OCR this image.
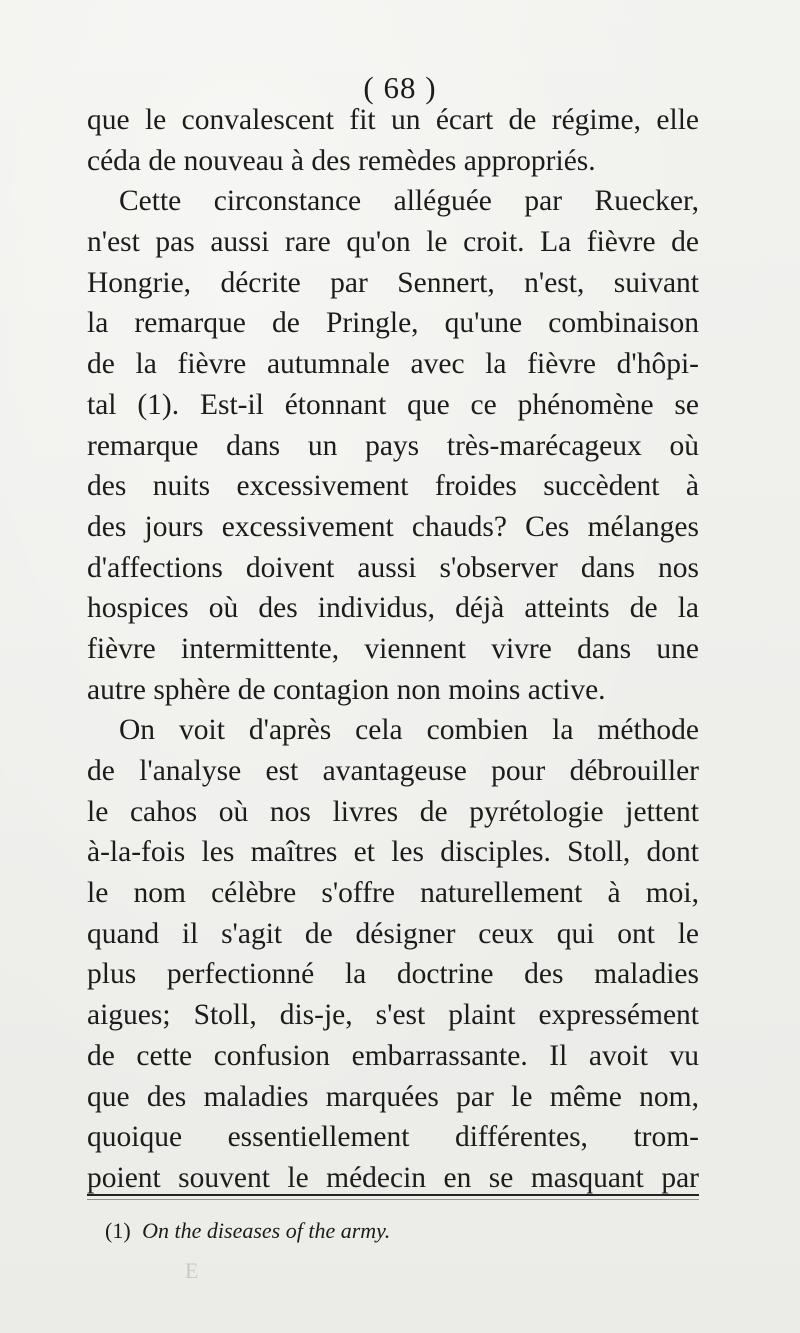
( 68 )
que le convalescent fit un écart de régime, elle
céda de nouveau à des remèdes appropriés.
Cette circonstance alléguée par Ruecker,
n'est pas aussi rare qu'on le croit. La fièvre de
Hongrie, décrite par Sennert, n'est, suivant
la remarque de Pringle, qu'une combinaison
de la fièvre autumnale avec la fièvre d'hôpi-
tal (1). Est-il étonnant que ce phénomène se
remarque dans un pays très-marécageux où
des nuits excessivement froides succèdent à
des jours excessivement chauds? Ces mélanges
d'affections doivent aussi s'observer dans nos
hospices où des individus, déjà atteints de la
fièvre intermittente, viennent vivre dans une
autre sphère de contagion non moins active.
On voit d'après cela combien la méthode
de l'analyse est avantageuse pour débrouiller
le cahos où nos livres de pyrétologie jettent
à-la-fois les maîtres et les disciples. Stoll, dont
le nom célèbre s'offre naturellement à moi,
quand il s'agit de désigner ceux qui ont le
plus perfectionné la doctrine des maladies
aigues; Stoll, dis-je, s'est plaint expressément
de cette confusion embarrassante. Il avoit vu
que des maladies marquées par le même nom,
quoique essentiellement différentes, trom-
poient souvent le médecin en se masquant par
(1) On the diseases of the army.
E
